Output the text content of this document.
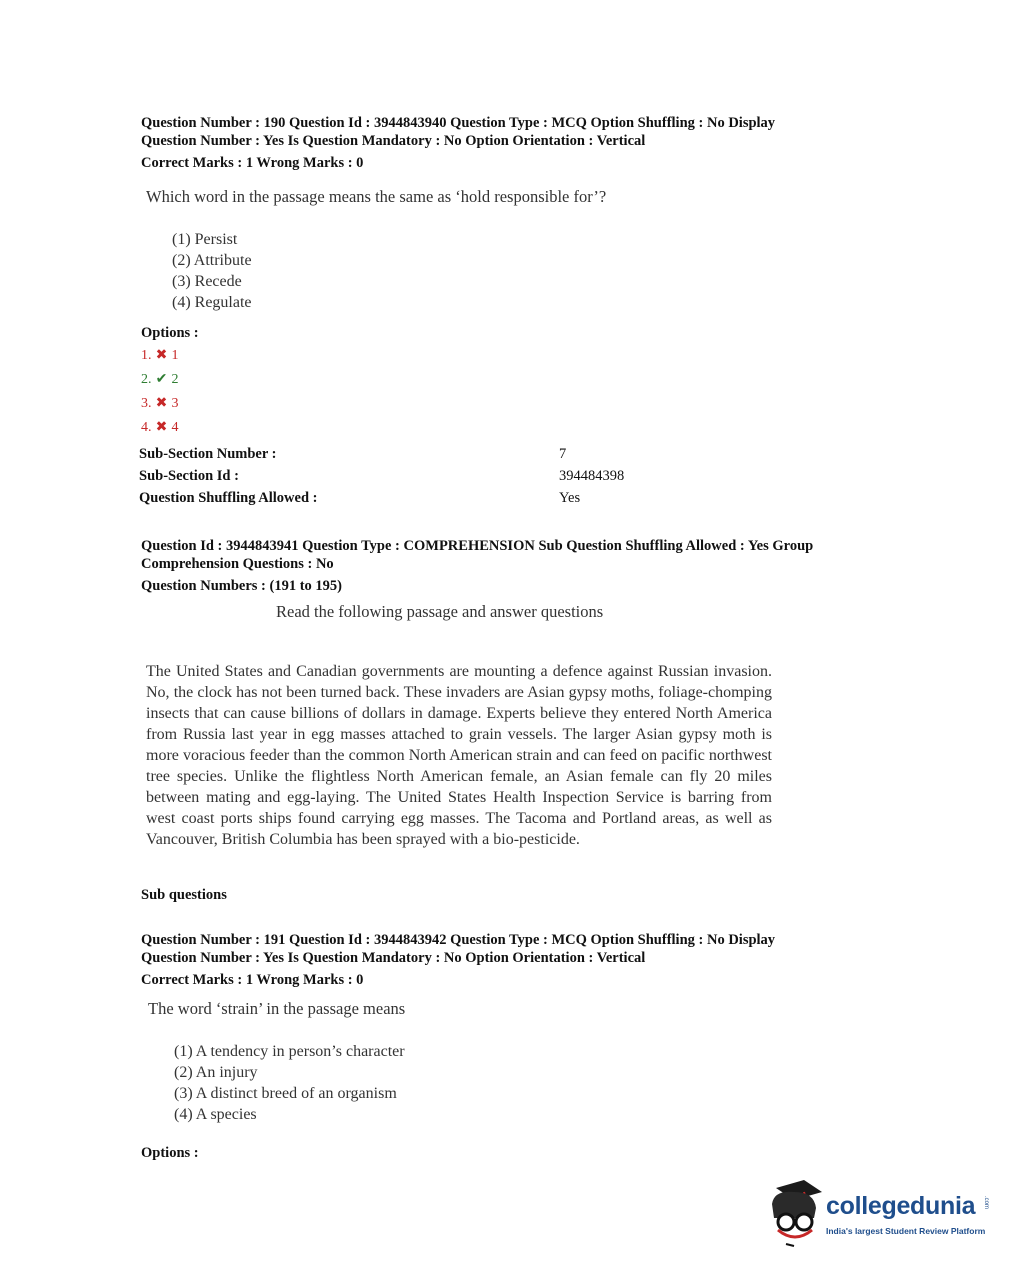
Question Number : 190 Question Id : 3944843940 Question Type : MCQ Option Shuffling : No Display
Question Number : Yes Is Question Mandatory : No Option Orientation : Vertical
Correct Marks : 1 Wrong Marks : 0
Which word in the passage means the same as ‘hold responsible for’?
(1) Persist
(2) Attribute
(3) Recede
(4) Regulate
Options :
1. ✖ 1
2. ✔ 2
3. ✖ 3
4. ✖ 4
Sub-Section Number :	7
Sub-Section Id :	394484398
Question Shuffling Allowed :	Yes
Question Id : 3944843941 Question Type : COMPREHENSION Sub Question Shuffling Allowed : Yes Group
Comprehension Questions : No
Question Numbers : (191 to 195)
Read the following passage and answer questions
The United States and Canadian governments are mounting a defence against Russian invasion. No, the clock has not been turned back. These invaders are Asian gypsy moths, foliage-chomping insects that can cause billions of dollars in damage. Experts believe they entered North America from Russia last year in egg masses attached to grain vessels. The larger Asian gypsy moth is more voracious feeder than the common North American strain and can feed on pacific northwest tree species. Unlike the flightless North American female, an Asian female can fly 20 miles between mating and egg-laying. The United States Health Inspection Service is barring from west coast ports ships found carrying egg masses. The Tacoma and Portland areas, as well as Vancouver, British Columbia has been sprayed with a bio-pesticide.
Sub questions
Question Number : 191 Question Id : 3944843942 Question Type : MCQ Option Shuffling : No Display
Question Number : Yes Is Question Mandatory : No Option Orientation : Vertical
Correct Marks : 1 Wrong Marks : 0
The word ‘strain’ in the passage means
(1) A tendency in person’s character
(2) An injury
(3) A distinct breed of an organism
(4) A species
Options :
collegedunia .com
India's largest Student Review Platform
